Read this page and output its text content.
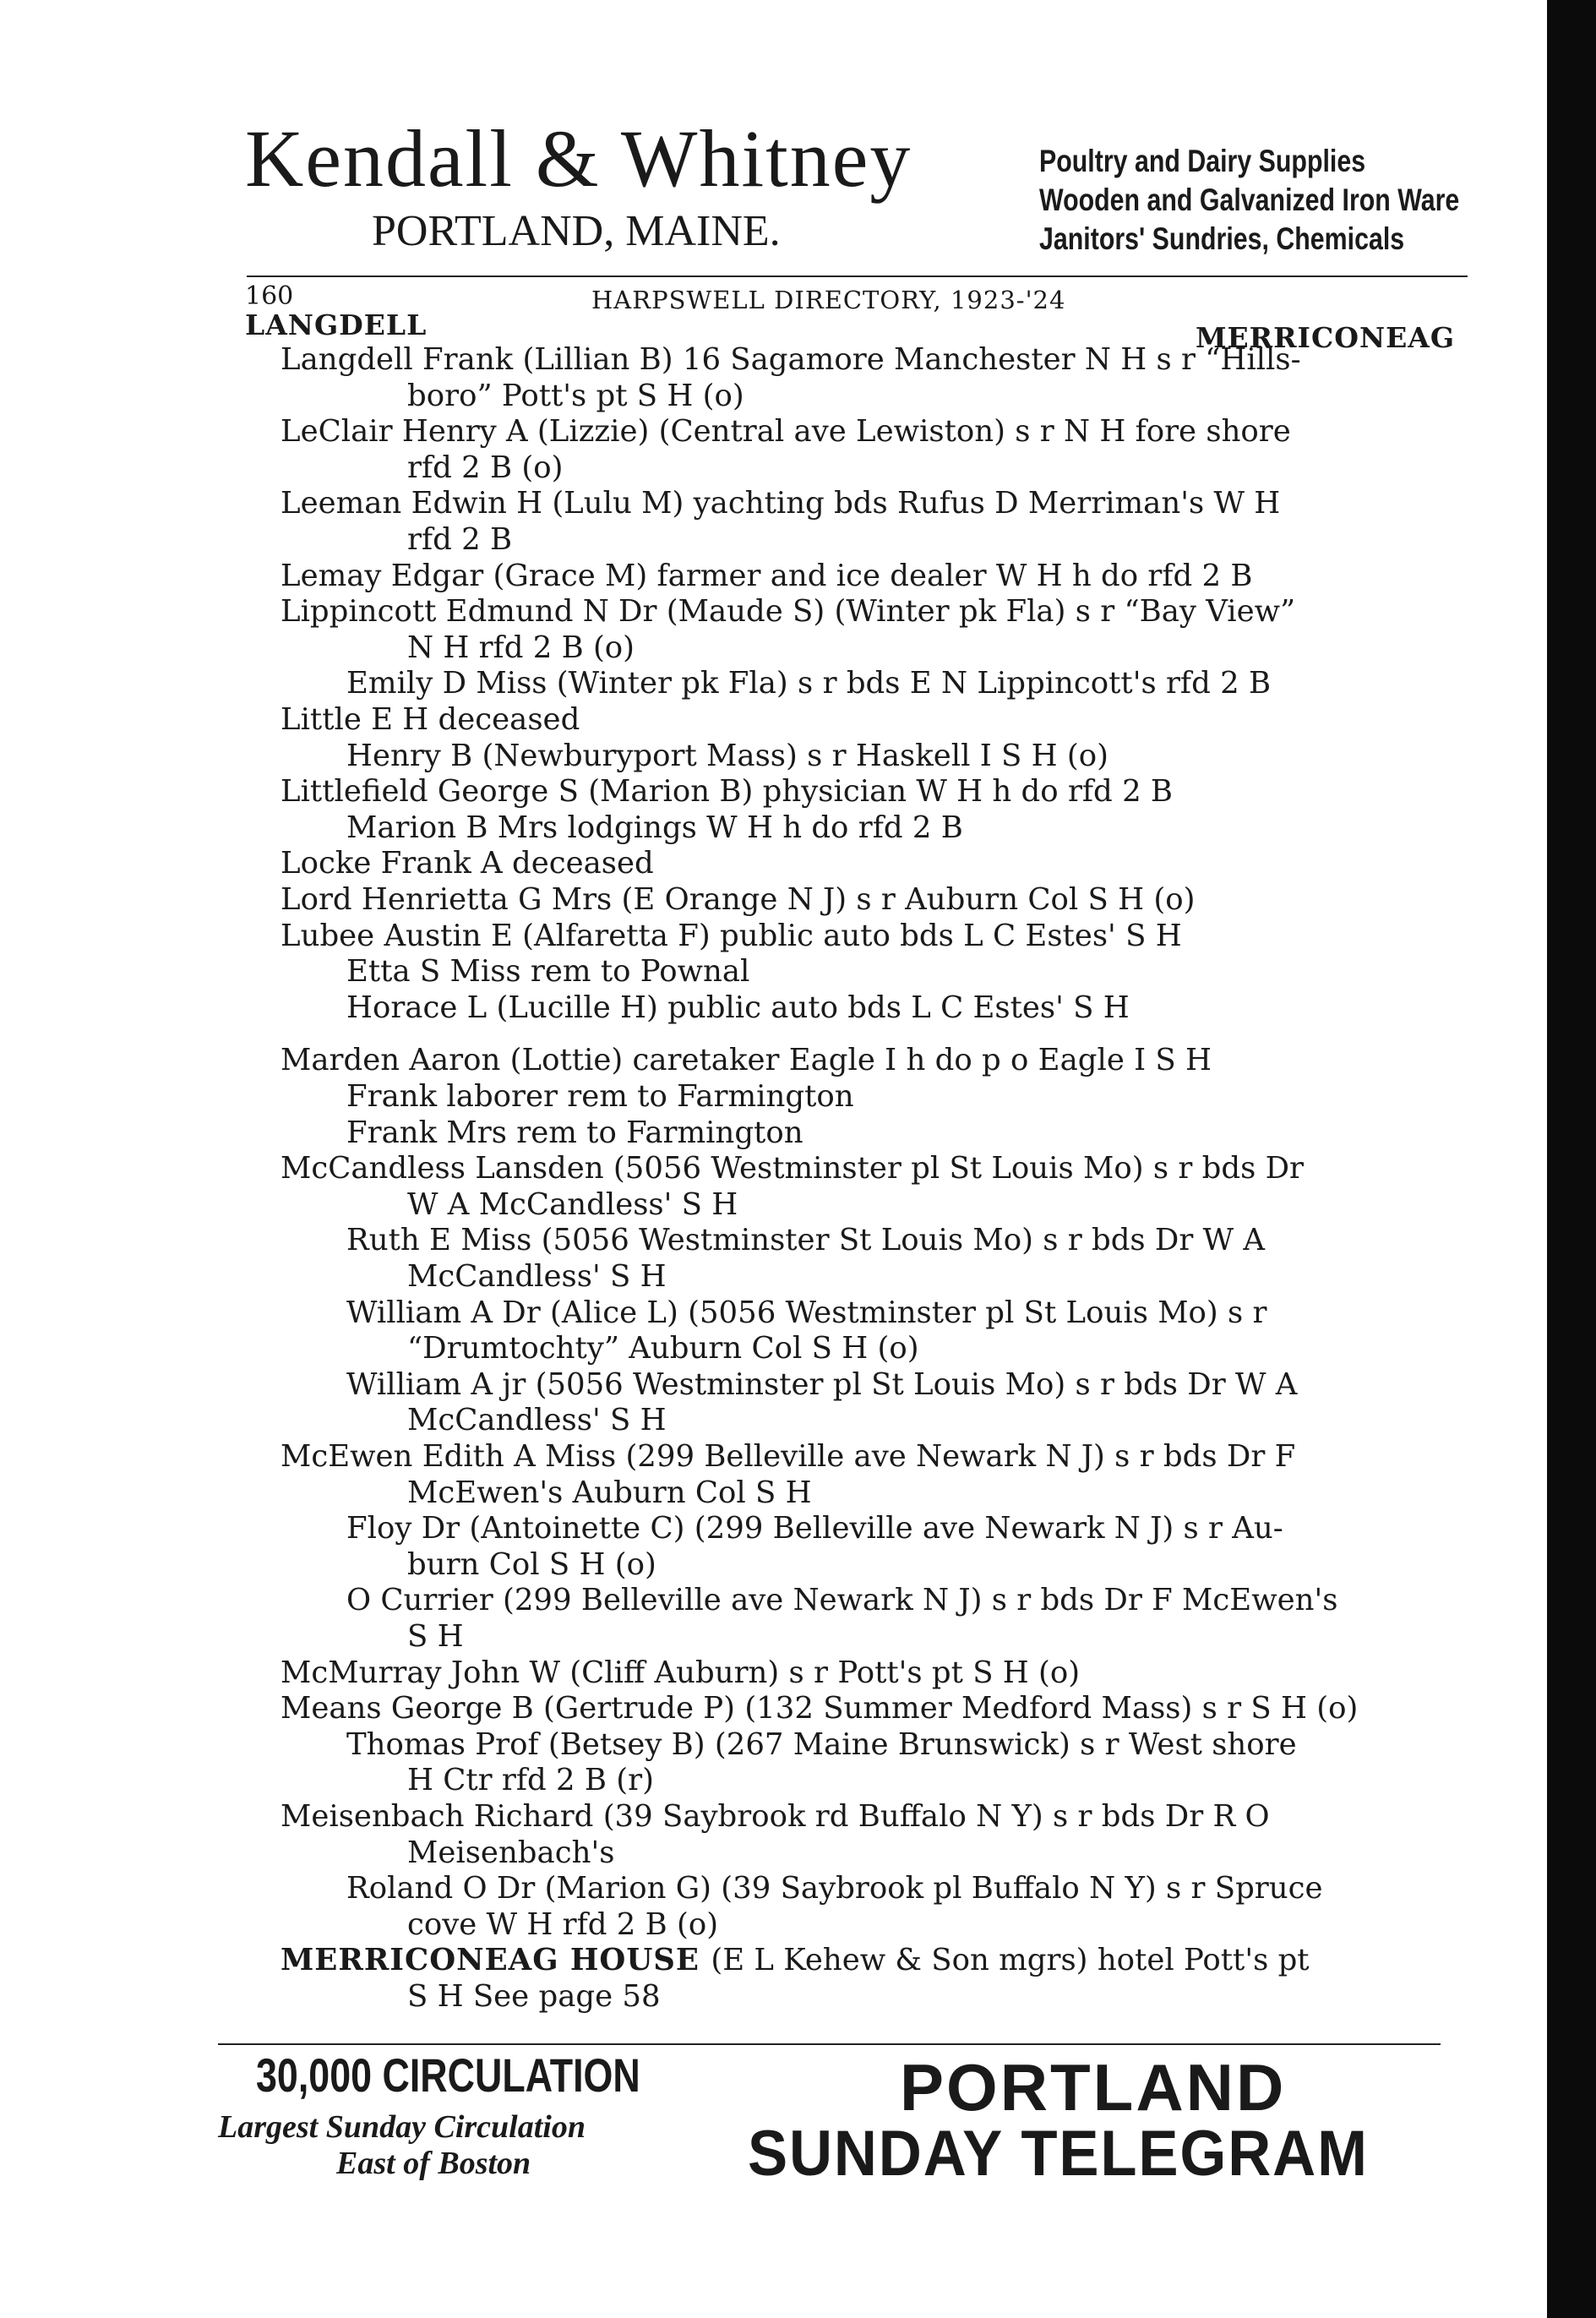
Kendall & Whitney
PORTLAND, MAINE.
Poultry and Dairy Supplies
Wooden and Galvanized Iron Ware
Janitors' Sundries, Chemicals
160	HARPSWELL DIRECTORY, 1923-'24
LANGDELL	MERRICONEAG
Langdell Frank (Lillian B) 16 Sagamore Manchester N H s r “Hills-
boro” Pott's pt S H (o)
LeClair Henry A (Lizzie) (Central ave Lewiston) s r N H fore shore
rfd 2 B (o)
Leeman Edwin H (Lulu M) yachting bds Rufus D Merriman's W H
rfd 2 B
Lemay Edgar (Grace M) farmer and ice dealer W H h do rfd 2 B
Lippincott Edmund N Dr (Maude S) (Winter pk Fla) s r “Bay View”
N H rfd 2 B (o)
Emily D Miss (Winter pk Fla) s r bds E N Lippincott's rfd 2 B
Little E H deceased
Henry B (Newburyport Mass) s r Haskell I S H (o)
Littlefield George S (Marion B) physician W H h do rfd 2 B
Marion B Mrs lodgings W H h do rfd 2 B
Locke Frank A deceased
Lord Henrietta G Mrs (E Orange N J) s r Auburn Col S H (o)
Lubee Austin E (Alfaretta F) public auto bds L C Estes' S H
Etta S Miss rem to Pownal
Horace L (Lucille H) public auto bds L C Estes' S H
Marden Aaron (Lottie) caretaker Eagle I h do p o Eagle I S H
Frank laborer rem to Farmington
Frank Mrs rem to Farmington
McCandless Lansden (5056 Westminster pl St Louis Mo) s r bds Dr
W A McCandless' S H
Ruth E Miss (5056 Westminster St Louis Mo) s r bds Dr W A
McCandless' S H
William A Dr (Alice L) (5056 Westminster pl St Louis Mo) s r
“Drumtochty” Auburn Col S H (o)
William A jr (5056 Westminster pl St Louis Mo) s r bds Dr W A
McCandless' S H
McEwen Edith A Miss (299 Belleville ave Newark N J) s r bds Dr F
McEwen's Auburn Col S H
Floy Dr (Antoinette C) (299 Belleville ave Newark N J) s r Au-
burn Col S H (o)
O Currier (299 Belleville ave Newark N J) s r bds Dr F McEwen's
S H
McMurray John W (Cliff Auburn) s r Pott's pt S H (o)
Means George B (Gertrude P) (132 Summer Medford Mass) s r S H (o)
Thomas Prof (Betsey B) (267 Maine Brunswick) s r West shore
H Ctr rfd 2 B (r)
Meisenbach Richard (39 Saybrook rd Buffalo N Y) s r bds Dr R O
Meisenbach's
Roland O Dr (Marion G) (39 Saybrook pl Buffalo N Y) s r Spruce
cove W H rfd 2 B (o)
MERRICONEAG HOUSE (E L Kehew & Son mgrs) hotel Pott's pt
S H See page 58
30,000 CIRCULATION
Largest Sunday Circulation
East of Boston
PORTLAND
SUNDAY TELEGRAM
